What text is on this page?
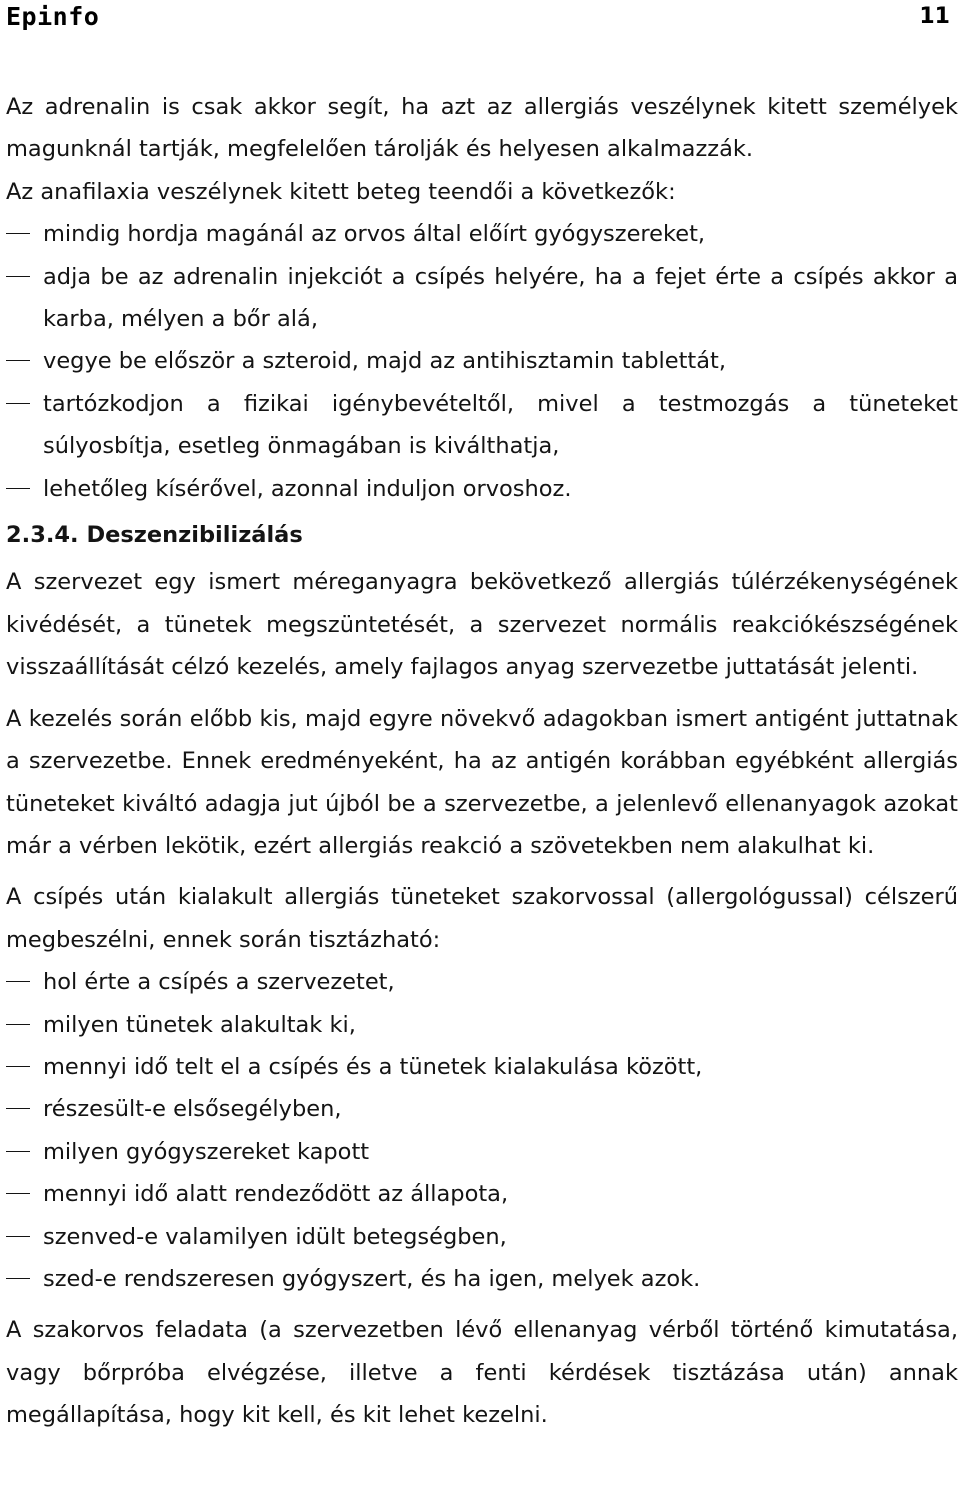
Epinfo	11

Az adrenalin is csak akkor segít, ha azt az allergiás veszélynek kitett személyek magunknál tartják, megfelelően tárolják és helyesen alkalmazzák.

Az anafilaxia veszélynek kitett beteg teendői a következők:

mindig hordja magánál az orvos által előírt gyógyszereket,
adja be az adrenalin injekciót a csípés helyére, ha a fejet érte a csípés akkor a karba, mélyen a bőr alá,
vegye be először a szteroid, majd az antihisztamin tablettát,
tartózkodjon a fizikai igénybevételtől, mivel a testmozgás a tüneteket súlyosbítja, esetleg önmagában is kiválthatja,
lehetőleg kísérővel, azonnal induljon orvoshoz.

2.3.4. Deszenzibilizálás

A szervezet egy ismert méreganyagra bekövetkező allergiás túlérzékenységének kivédését, a tünetek megszüntetését, a szervezet normális reakciókészségének visszaállítását célzó kezelés, amely fajlagos anyag szervezetbe juttatását jelenti.

A kezelés során előbb kis, majd egyre növekvő adagokban ismert antigént juttatnak a szervezetbe. Ennek eredményeként, ha az antigén korábban egyébként allergiás tüneteket kiváltó adagja jut újból be a szervezetbe, a jelenlevő ellenanyagok azokat már a vérben lekötik, ezért allergiás reakció a szövetekben nem alakulhat ki.

A csípés után kialakult allergiás tüneteket szakorvossal (allergológussal) célszerű megbeszélni, ennek során tisztázható:

hol érte a csípés a szervezetet,
milyen tünetek alakultak ki,
mennyi idő telt el a csípés és a tünetek kialakulása között,
részesült-e elsősegélyben,
milyen gyógyszereket kapott
mennyi idő alatt rendeződött az állapota,
szenved-e valamilyen idült betegségben,
szed-e rendszeresen gyógyszert, és ha igen, melyek azok.

A szakorvos feladata (a szervezetben lévő ellenanyag vérből történő kimutatása, vagy bőrpróba elvégzése, illetve a fenti kérdések tisztázása után) annak megállapítása, hogy kit kell, és kit lehet kezelni.
